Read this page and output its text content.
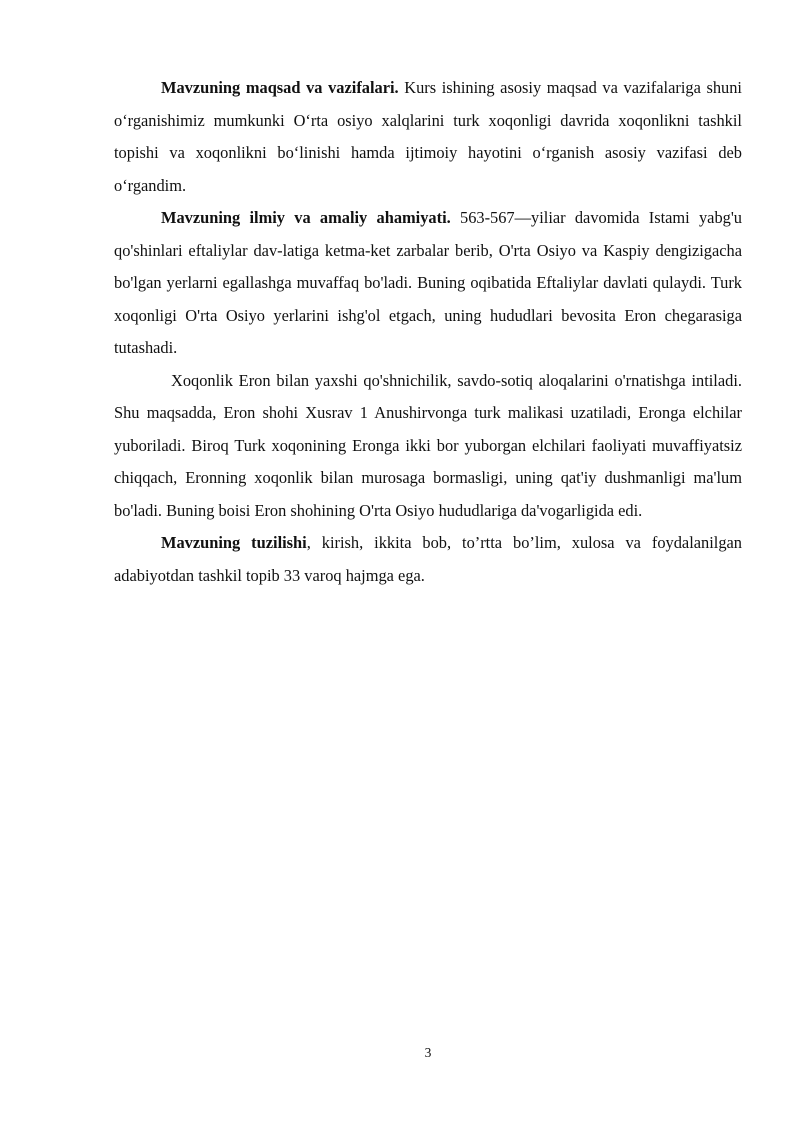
Mavzuning maqsad va vazifalari. Kurs ishining asosiy maqsad va vazifalariga shuni oʻrganishimiz mumkunki Oʻrta osiyo xalqlarini turk xoqonligi davrida xoqonlikni tashkil topishi va xoqonlikni boʻlinishi hamda ijtimoiy hayotini oʻrganish asosiy vazifasi deb oʻrgandim.

Mavzuning ilmiy va amaliy ahamiyati. 563-567—yiliar davomida Istami yabg'u qo'shinlari eftaliylar dav-latiga ketma-ket zarbalar berib, O'rta Osiyo va Kaspiy dengizigacha bo'lgan yerlarni egallashga muvaffaq bo'ladi. Buning oqibatida Eftaliylar davlati qulaydi. Turk xoqonligi O'rta Osiyo yerlarini ishg'ol etgach, uning hududlari bevosita Eron chegarasiga tutashadi.

Xoqonlik Eron bilan yaxshi qo'shnichilik, savdo-sotiq aloqalarini o'rnatishga intiladi. Shu maqsadda, Eron shohi Xusrav 1 Anushirvonga turk malikasi uzatiladi, Eronga elchilar yuboriladi. Biroq Turk xoqonining Eronga ikki bor yuborgan elchilari faoliyati muvaffiyatsiz chiqqach, Eronning xoqonlik bilan murosaga bormasligi, uning qat'iy dushmanligi ma'lum bo'ladi. Buning boisi Eron shohining O'rta Osiyo hududlariga da'vogarligida edi.

Mavzuning tuzilishi, kirish, ikkita bob, to’rtta bo’lim, xulosa va foydalanilgan adabiyotdan tashkil topib 33 varoq hajmga ega.

3
